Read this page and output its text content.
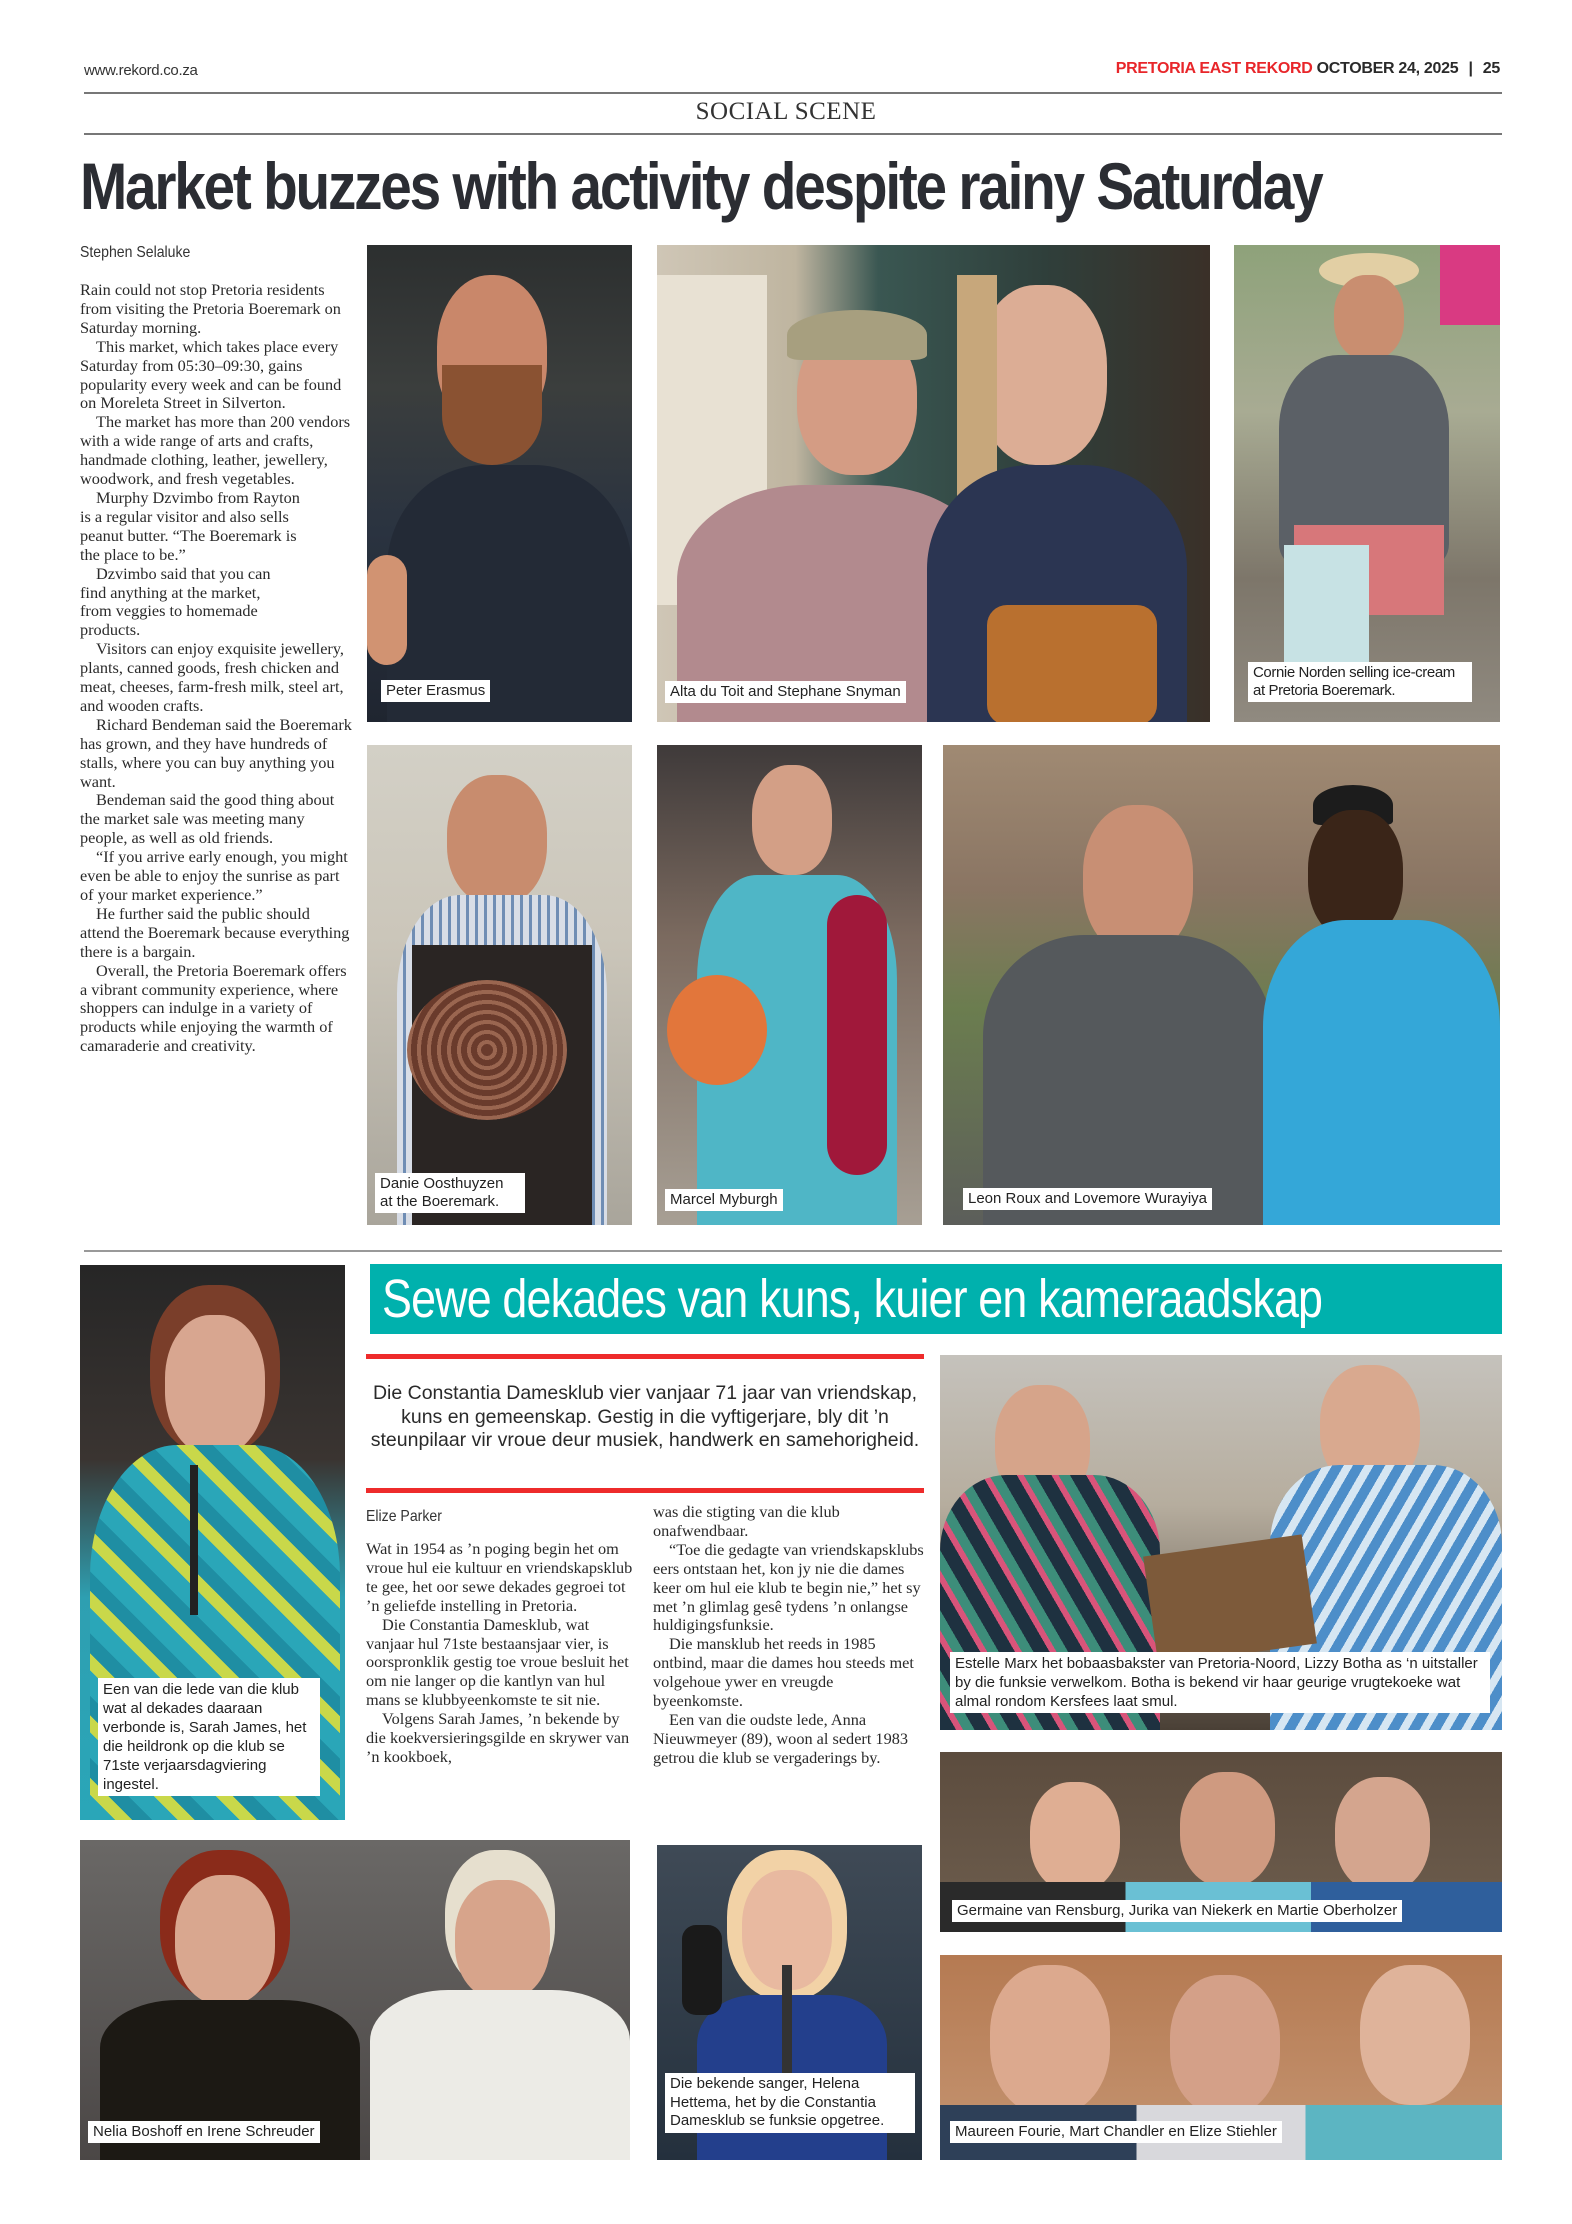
www.rekord.co.za	PRETORIA EAST REKORD OCTOBER 24, 2025 | 25
SOCIAL SCENE
Market buzzes with activity despite rainy Saturday
Stephen Selaluke

Rain could not stop Pretoria residents from visiting the Pretoria Boeremark on Saturday morning.

This market, which takes place every Saturday from 05:30–09:30, gains popularity every week and can be found on Moreleta Street in Silverton.

The market has more than 200 vendors with a wide range of arts and crafts, handmade clothing, leather, jewellery, woodwork, and fresh vegetables.

Murphy Dzvimbo from Rayton is a regular visitor and also sells peanut butter. “The Boeremark is the place to be.”

Dzvimbo said that you can find anything at the market, from veggies to homemade products.

Visitors can enjoy exquisite jewellery, plants, canned goods, fresh chicken and meat, cheeses, farm-fresh milk, steel art, and wooden crafts.

Richard Bendeman said the Boeremark has grown, and they have hundreds of stalls, where you can buy anything you want.

Bendeman said the good thing about the market sale was meeting many people, as well as old friends.

“If you arrive early enough, you might even be able to enjoy the sunrise as part of your market experience.”

He further said the public should attend the Boeremark because everything there is a bargain.

Overall, the Pretoria Boeremark offers a vibrant community experience, where shoppers can indulge in a variety of products while enjoying the warmth of camaraderie and creativity.

Peter Erasmus	Alta du Toit and Stephane Snyman
Cornie Norden selling ice-cream at Pretoria Boeremark.
Danie Oosthuyzen at the Boeremark.	Marcel Myburgh	Leon Roux and Lovemore Wurayiya
Een van die lede van die klub wat al dekades daaraan verbonde is, Sarah James, het die heildronk op die klub se 71ste verjaarsdagviering ingestel.
Sewe dekades van kuns, kuier en kameraadskap
Die Constantia Damesklub vier vanjaar 71 jaar van vriendskap, kuns en gemeenskap. Gestig in die vyftigerjare, bly dit ’n steunpilaar vir vroue deur musiek, handwerk en samehorigheid.
Elize Parker

Wat in 1954 as ’n poging begin het om vroue hul eie kultuur en vriendskapsklub te gee, het oor sewe dekades gegroei tot ’n geliefde instelling in Pretoria.

Die Constantia Damesklub, wat vanjaar hul 71ste bestaansjaar vier, is oorspronklik gestig toe vroue besluit het om nie langer op die kantlyn van hul mans se klubbyeenkomste te sit nie.

Volgens Sarah James, ’n bekende by die koekversieringsgilde en skrywer van ’n kookboek,

was die stigting van die klub onafwendbaar.

“Toe die gedagte van vriendskapsklubs eers ontstaan het, kon jy nie die dames keer om hul eie klub te begin nie,” het sy met ’n glimlag gesê tydens ’n onlangse huldigingsfunksie.

Die mansklub het reeds in 1985 ontbind, maar die dames hou steeds met volgehoue ywer en vreugde byeenkomste.

Een van die oudste lede, Anna Nieuwmeyer (89), woon al sedert 1983 getrou die klub se vergaderings by.

Estelle Marx het bobaasbakster van Pretoria-Noord, Lizzy Botha as ‘n uitstaller by die funksie verwelkom. Botha is bekend vir haar geurige vrugtekoeke wat almal rondom Kersfees laat smul.
Germaine van Rensburg, Jurika van Niekerk en Martie Oberholzer
Nelia Boshoff en Irene Schreuder
Die bekende sanger, Helena Hettema, het by die Constantia Damesklub se funksie opgetree.
Maureen Fourie, Mart Chandler en Elize Stiehler
